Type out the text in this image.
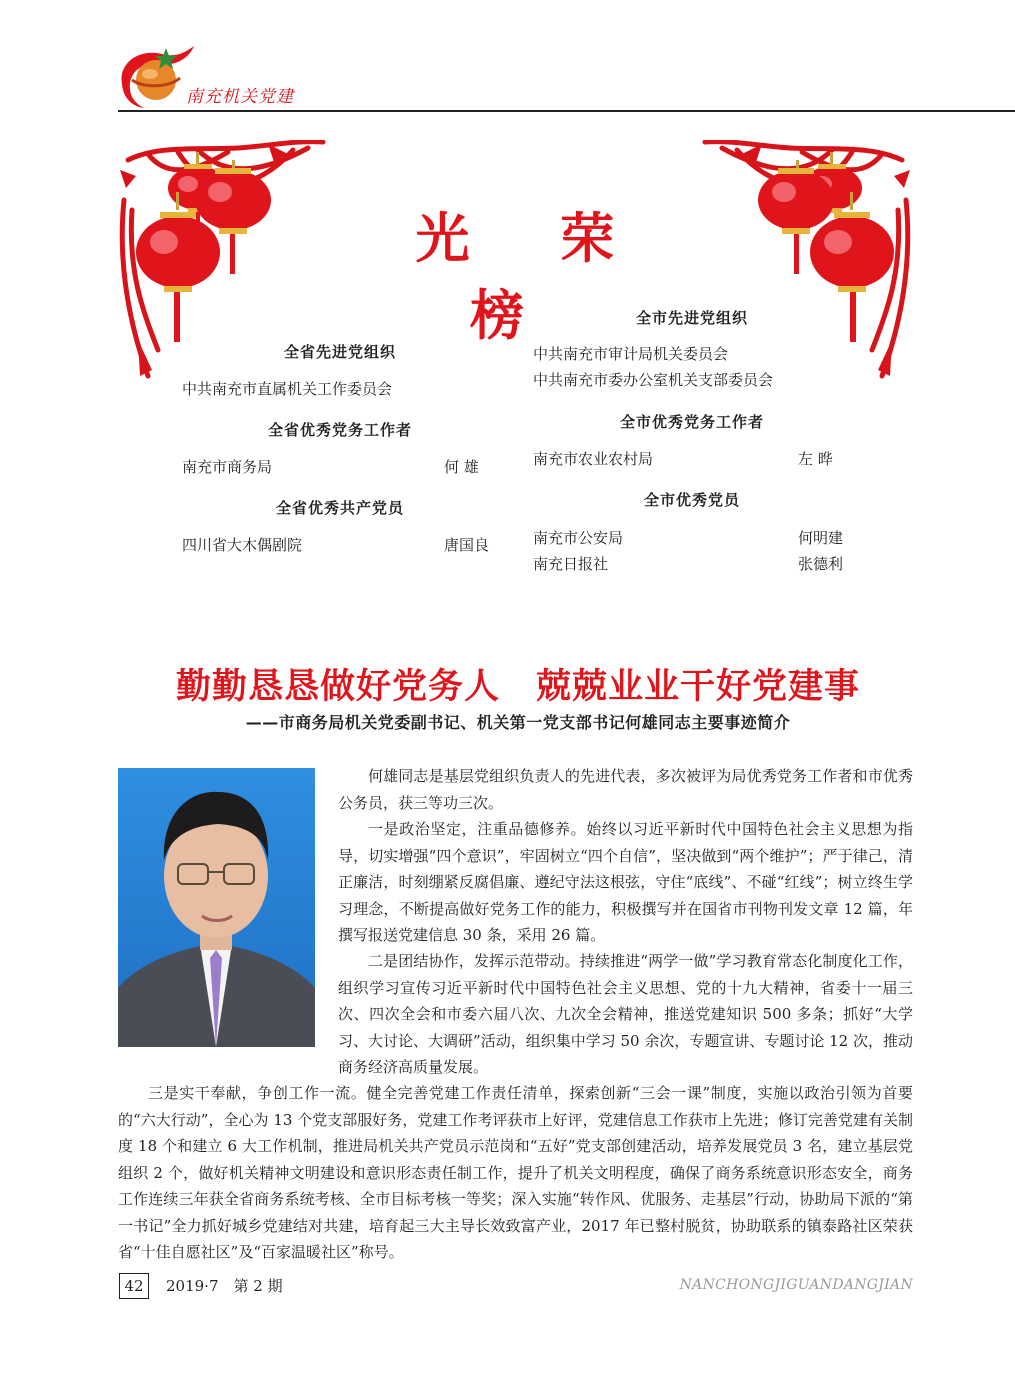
南充机关党建
光 荣 榜
全省先进党组织
中共南充市直属机关工作委员会
全省优秀党务工作者
南充市商务局	何 雄
全省优秀共产党员
四川省大木偶剧院	唐国良
全市先进党组织
中共南充市审计局机关委员会
中共南充市委办公室机关支部委员会
全市优秀党务工作者
南充市农业农村局	左 晔
全市优秀党员
南充市公安局	何明建
南充日报社	张德利
勤勤恳恳做好党务人　兢兢业业干好党建事
——市商务局机关党委副书记、机关第一党支部书记何雄同志主要事迹简介

何雄同志是基层党组织负责人的先进代表，多次被评为局优秀党务工作者和市优秀公务员，获三等功三次。

一是政治坚定，注重品德修养。始终以习近平新时代中国特色社会主义思想为指导，切实增强“四个意识”，牢固树立“四个自信”，坚决做到“两个维护”；严于律己，清正廉洁，时刻绷紧反腐倡廉、遵纪守法这根弦，守住“底线”、不碰“红线”；树立终生学习理念，不断提高做好党务工作的能力，积极撰写并在国省市刊物刊发文章 12 篇，年撰写报送党建信息 30 条，采用 26 篇。

二是团结协作，发挥示范带动。持续推进“两学一做”学习教育常态化制度化工作，组织学习宣传习近平新时代中国特色社会主义思想、党的十九大精神，省委十一届三次、四次全会和市委六届八次、九次全会精神，推送党建知识 500 多条；抓好“大学习、大讨论、大调研”活动，组织集中学习 50 余次，专题宣讲、专题讨论 12 次，推动商务经济高质量发展。

三是实干奉献，争创工作一流。健全完善党建工作责任清单，探索创新“三会一课”制度，实施以政治引领为首要的“六大行动”，全心为 13 个党支部服好务，党建工作考评获市上好评，党建信息工作获市上先进；修订完善党建有关制度 18 个和建立 6 大工作机制，推进局机关共产党员示范岗和“五好”党支部创建活动，培养发展党员 3 名，建立基层党组织 2 个，做好机关精神文明建设和意识形态责任制工作，提升了机关文明程度，确保了商务系统意识形态安全，商务工作连续三年获全省商务系统考核、全市目标考核一等奖；深入实施“转作风、优服务、走基层”行动，协助局下派的“第一书记”全力抓好城乡党建结对共建，培育起三大主导长效致富产业，2017 年已整村脱贫，协助联系的镇泰路社区荣获省“十佳自愿社区”及“百家温暖社区”称号。

42	2019·7　第 2 期	NANCHONGJIGUANDANGJIAN
